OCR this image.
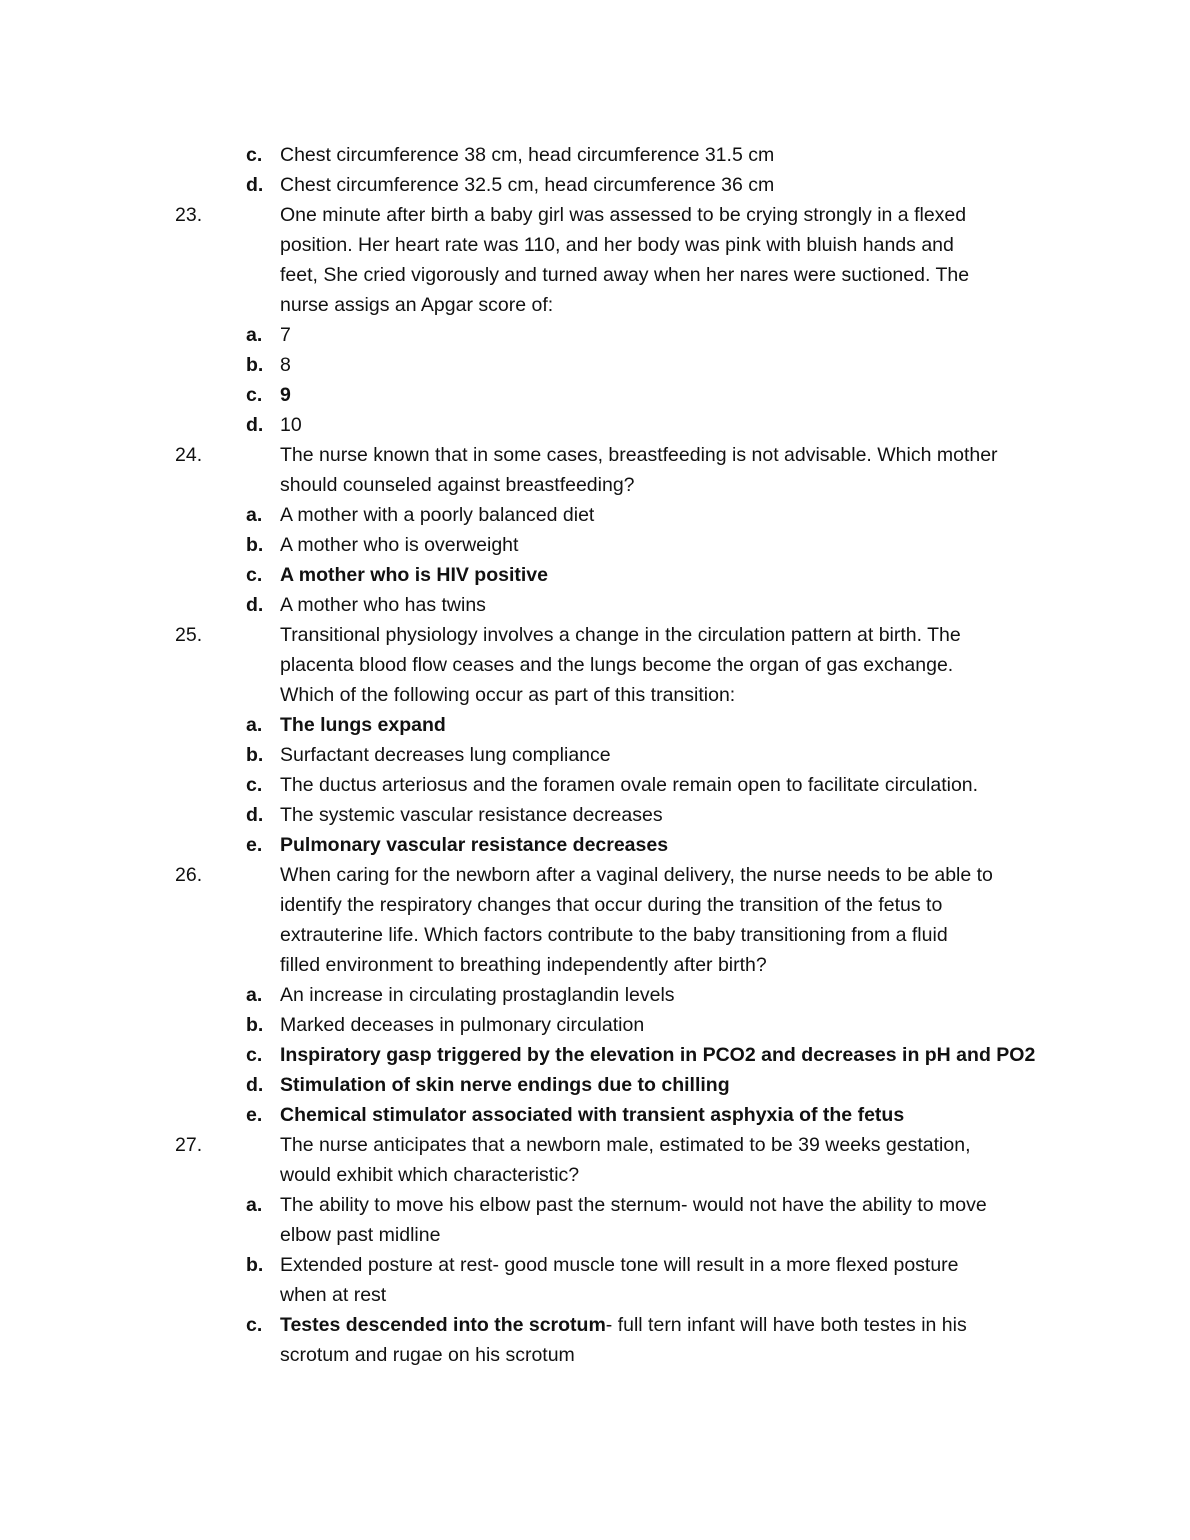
c. Chest circumference 38 cm, head circumference 31.5 cm
d. Chest circumference 32.5 cm, head circumference 36 cm
23.	One minute after birth a baby girl was assessed to be crying strongly in a flexed
position. Her heart rate was 110, and her body was pink with bluish hands and
feet, She cried vigorously and turned away when her nares were suctioned. The
nurse assigs an Apgar score of:
a. 7
b. 8
c. 9
d. 10
24.	The nurse known that in some cases, breastfeeding is not advisable. Which mother
should counseled against breastfeeding?
a. A mother with a poorly balanced diet
b. A mother who is overweight
c. A mother who is HIV positive
d. A mother who has twins
25.	Transitional physiology involves a change in the circulation pattern at birth. The
placenta blood flow ceases and the lungs become the organ of gas exchange.
Which of the following occur as part of this transition:
a. The lungs expand
b. Surfactant decreases lung compliance
c. The ductus arteriosus and the foramen ovale remain open to facilitate circulation.
d. The systemic vascular resistance decreases
e. Pulmonary vascular resistance decreases
26.	When caring for the newborn after a vaginal delivery, the nurse needs to be able to
identify the respiratory changes that occur during the transition of the fetus to
extrauterine life. Which factors contribute to the baby transitioning from a fluid
filled environment to breathing independently after birth?
a. An increase in circulating prostaglandin levels
b. Marked deceases in pulmonary circulation
c. Inspiratory gasp triggered by the elevation in PCO2 and decreases in pH and PO2
d. Stimulation of skin nerve endings due to chilling
e. Chemical stimulator associated with transient asphyxia of the fetus
27.	The nurse anticipates that a newborn male, estimated to be 39 weeks gestation,
would exhibit which characteristic?
a. The ability to move his elbow past the sternum- would not have the ability to move
elbow past midline
b. Extended posture at rest- good muscle tone will result in a more flexed posture
when at rest
c. Testes descended into the scrotum- full tern infant will have both testes in his
scrotum and rugae on his scrotum
